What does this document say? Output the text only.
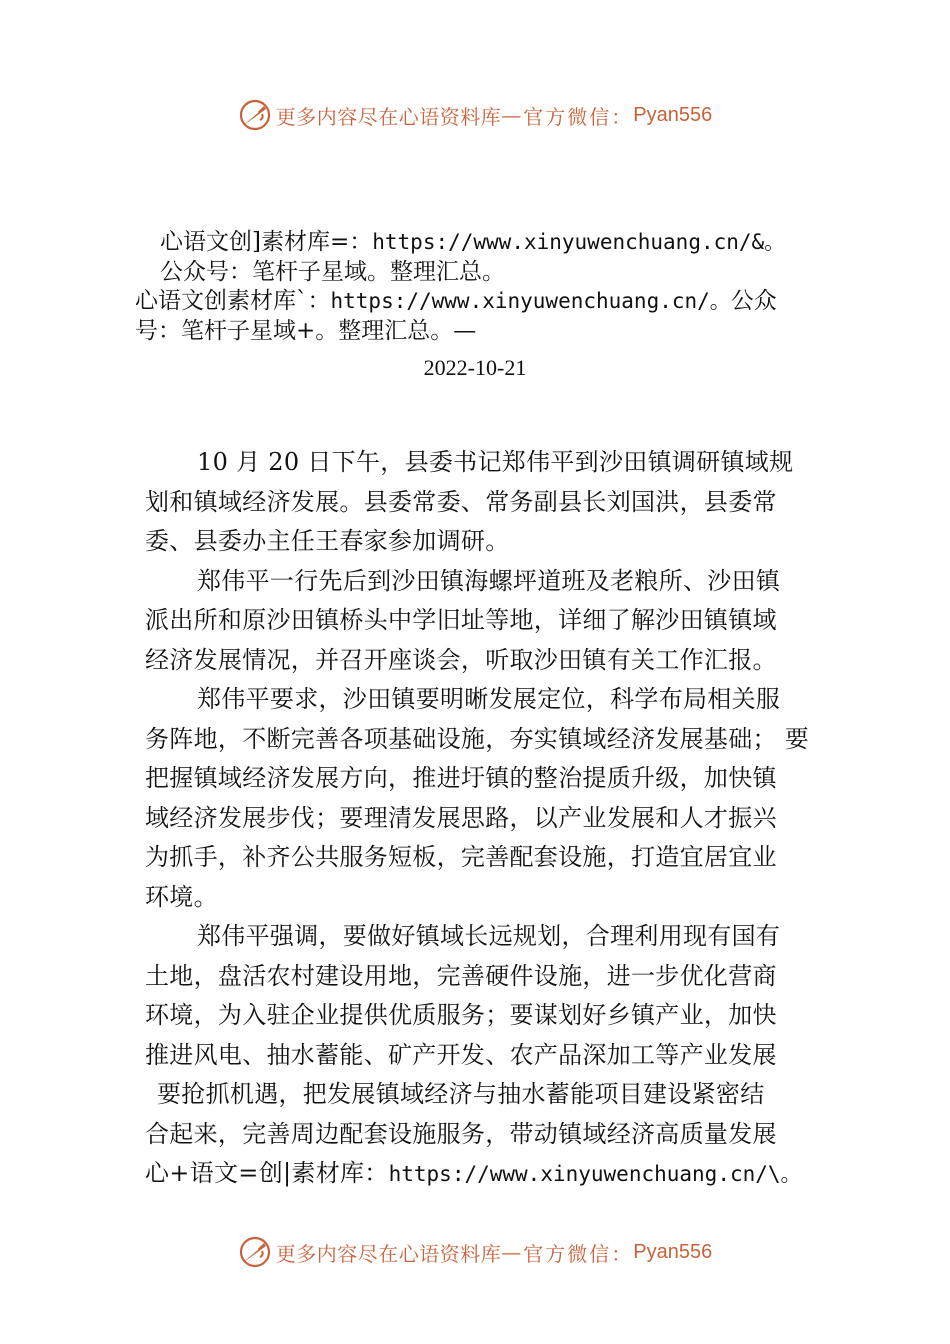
更多内容尽在心语资料库 — 官方微信： Pyan556
心语文创]素材库=：https://www.xinyuwenchuang.cn/&。
公众号：笔杆子星域。整理汇总。
心语文创素材库`：https://www.xinyuwenchuang.cn/。公众
号：笔杆子星域+。整理汇总。—
2022-10-21
10 月 20 日下午，县委书记郑伟平到沙田镇调研镇域规
划和镇域经济发展。县委常委、常务副县长刘国洪，县委常
委、县委办主任王春家参加调研。
郑伟平一行先后到沙田镇海螺坪道班及老粮所、沙田镇
派出所和原沙田镇桥头中学旧址等地，详细了解沙田镇镇域
经济发展情况，并召开座谈会，听取沙田镇有关工作汇报。
郑伟平要求，沙田镇要明晰发展定位，科学布局相关服
务阵地，不断完善各项基础设施，夯实镇域经济发展基础； 要
把握镇域经济发展方向，推进圩镇的整治提质升级，加快镇
域经济发展步伐；要理清发展思路，以产业发展和人才振兴
为抓手，补齐公共服务短板，完善配套设施，打造宜居宜业
环境。
郑伟平强调，要做好镇域长远规划，合理利用现有国有
土地，盘活农村建设用地，完善硬件设施，进一步优化营商
环境，为入驻企业提供优质服务；要谋划好乡镇产业，加快
推进风电、抽水蓄能、矿产开发、农产品深加工等产业发展
要抢抓机遇，把发展镇域经济与抽水蓄能项目建设紧密结
合起来，完善周边配套设施服务，带动镇域经济高质量发展
心+语文=创|素材库：https://www.xinyuwenchuang.cn/\。
更多内容尽在心语资料库 — 官方微信： Pyan556
